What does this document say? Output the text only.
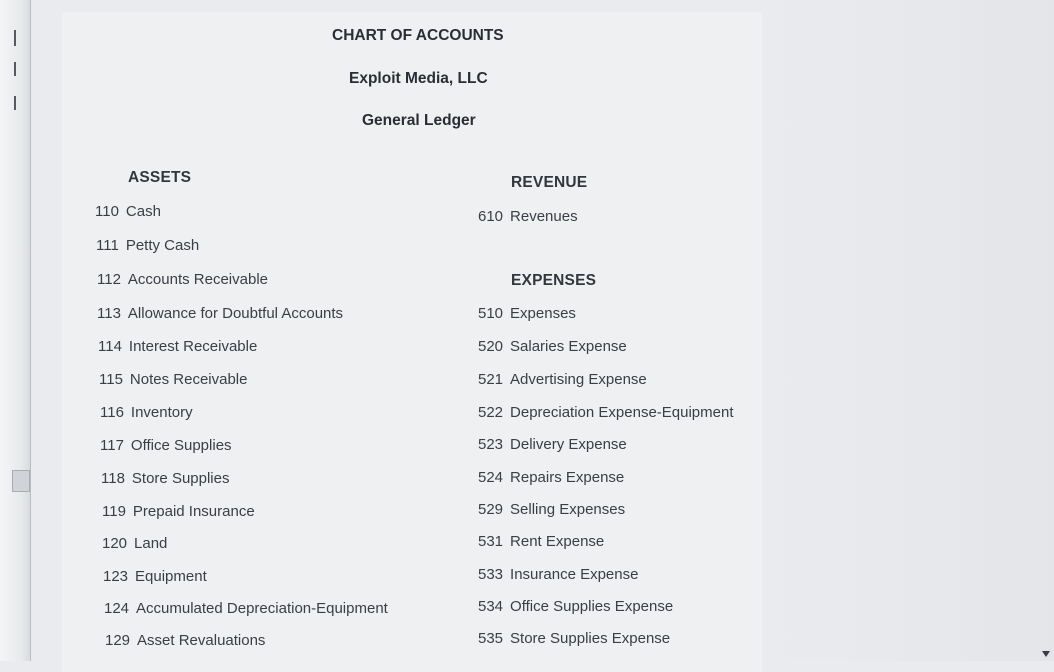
CHART OF ACCOUNTS
Exploit Media, LLC
General Ledger
ASSETS	REVENUE
EXPENSES
110 Cash
111 Petty Cash
112 Accounts Receivable
113 Allowance for Doubtful Accounts
114 Interest Receivable
115 Notes Receivable
116 Inventory
117 Office Supplies
118 Store Supplies
119 Prepaid Insurance
120 Land
123 Equipment
124 Accumulated Depreciation-Equipment
129 Asset Revaluations
610 Revenues
510 Expenses
520 Salaries Expense
521 Advertising Expense
522 Depreciation Expense-Equipment
523 Delivery Expense
524 Repairs Expense
529 Selling Expenses
531 Rent Expense
533 Insurance Expense
534 Office Supplies Expense
535 Store Supplies Expense
